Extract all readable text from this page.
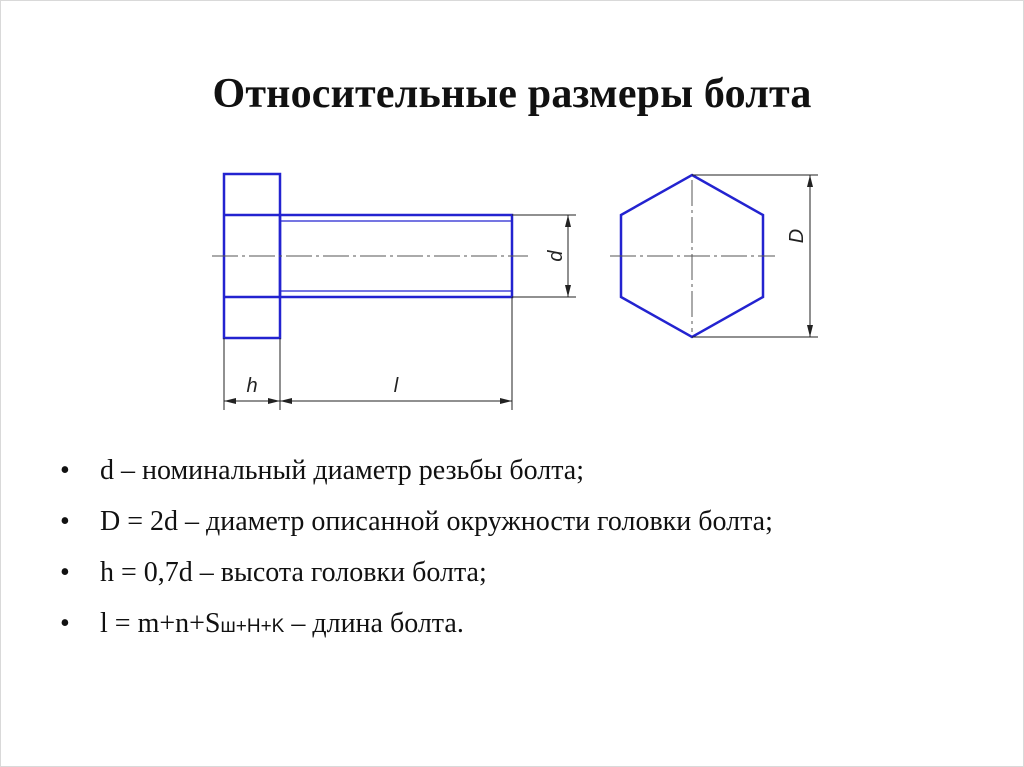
Относительные размеры болта
d
h	l
D
• d – номинальный диаметр резьбы болта;
• D = 2d – диаметр описанной окружности головки болта;
• h = 0,7d – высота головки болта;
• l = m+n+Sш+H+K – длина болта.
